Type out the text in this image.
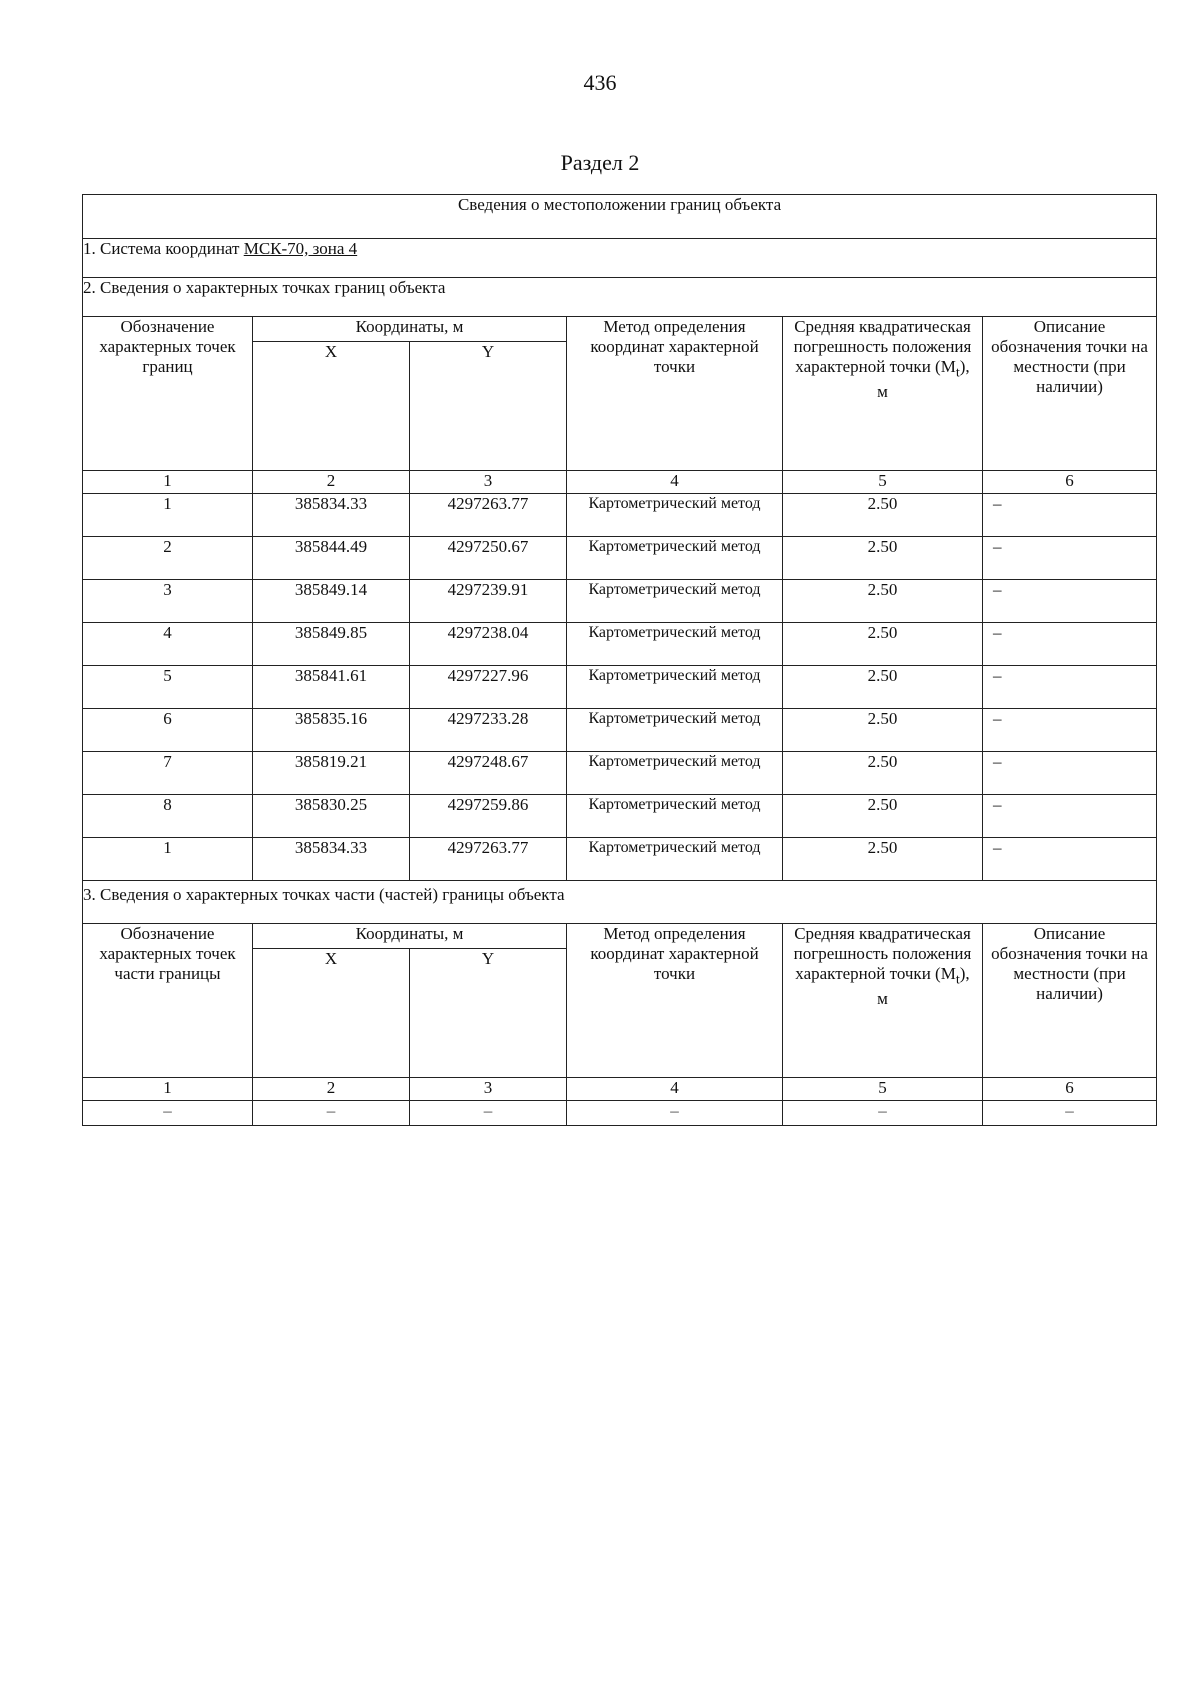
436
Раздел 2
Сведения о местоположении границ объекта					
1. Система координат МСК-70, зона 4					
2. Сведения о характерных точках границ объекта					
Обозначение характерных точек границ	Координаты, м		Метод определения координат характерной точки	Средняя квадратическая погрешность положения характерной точки $(M_t)$, м	Описание обозначения точки на местности (при наличии)
	X	Y			
1	2	3	4	5	6
1	385834.33	4297263.77	Картометрический метод	2.50	–
2	385844.49	4297250.67	Картометрический метод	2.50	–
3	385849.14	4297239.91	Картометрический метод	2.50	–
4	385849.85	4297238.04	Картометрический метод	2.50	–
5	385841.61	4297227.96	Картометрический метод	2.50	–
6	385835.16	4297233.28	Картометрический метод	2.50	–
7	385819.21	4297248.67	Картометрический метод	2.50	–
8	385830.25	4297259.86	Картометрический метод	2.50	–
1	385834.33	4297263.77	Картометрический метод	2.50	–
3. Сведения о характерных точках части (частей) границы объекта					
Обозначение характерных точек части границы	Координаты, м		Метод определения координат характерной точки	Средняя квадратическая погрешность положения характерной точки $(M_t)$, м	Описание обозначения точки на местности (при наличии)
	X	Y			
1	2	3	4	5	6
–	–	–	–	–	–
